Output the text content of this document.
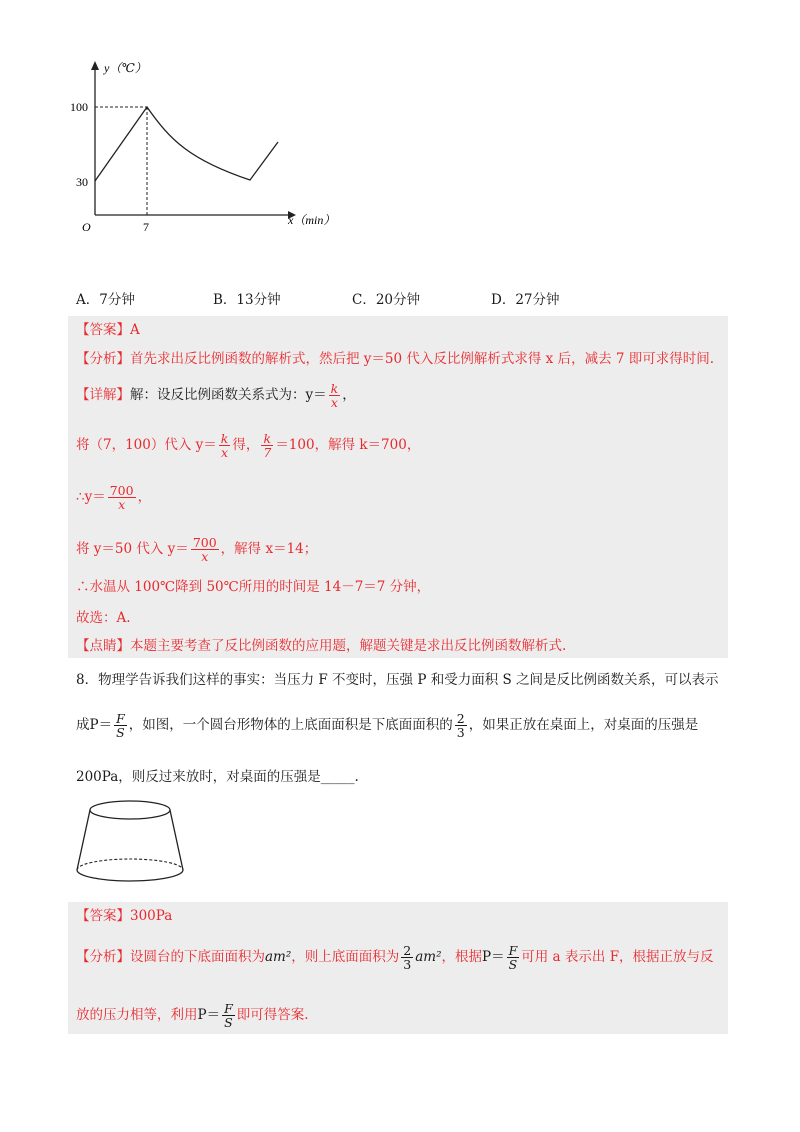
y（℃）
x（min）
O
100
30
7
A．7分钟	B．13分钟	C．20分钟	D．27分钟
【答案】A
【分析】首先求出反比例函数的解析式，然后把 y＝50 代入反比例解析式求得 x 后，减去 7 即可求得时间.
【详解】解：设反比例函数关系式为：$y= \frac{k}{x}$ ，
将（7，100）代入 $y= \frac{k}{x}$ 得， $\frac{k}{7} =100$，解得 k＝700，
∴y＝ $\frac{700}{x}$ ，
将 y＝50 代入 $y= \frac{700}{x}$ ，解得 x＝14；
∴水温从 100℃降到 50℃所用的时间是 14－7＝7 分钟，
故选：A.
【点睛】本题主要考查了反比例函数的应用题，解题关键是求出反比例函数解析式.
8．物理学告诉我们这样的事实：当压力 F 不变时，压强 P 和受力面积 S 之间是反比例函数关系，可以表示
成$P= \frac{F}{S}$ ，如图，一个圆台形物体的上底面面积是下底面面积的 $\frac{2}{3}$ ，如果正放在桌面上，对桌面的压强是
200Pa，则反过来放时，对桌面的压强是_____.
【答案】300Pa
【分析】设圆台的下底面面积为am²，则上底面面积为 $\frac{2}{3} am^2$，根据$P= \frac{F}{S}$ 可用 a 表示出 F，根据正放与反
放的压力相等，利用$P= \frac{F}{S}$ 即可得答案.
